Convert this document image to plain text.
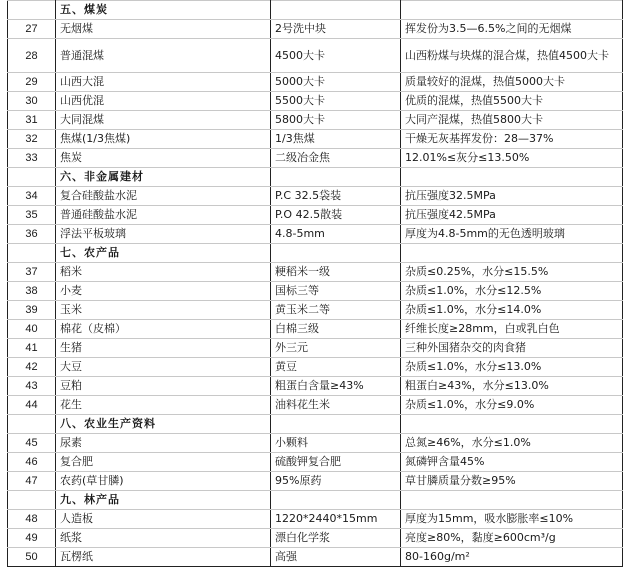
	五、煤炭		
27	无烟煤	2号洗中块	挥发份为3.5—6.5%之间的无烟煤
28	普通混煤	4500大卡	山西粉煤与块煤的混合煤，热值4500大卡
29	山西大混	5000大卡	质量较好的混煤，热值5000大卡
30	山西优混	5500大卡	优质的混煤，热值5500大卡
31	大同混煤	5800大卡	大同产混煤，热值5800大卡
32	焦煤(1/3焦煤)	1/3焦煤	干燥无灰基挥发份：28—37%
33	焦炭	二级冶金焦	12.01%≤灰分≤13.50%
	六、非金属建材		
34	复合硅酸盐水泥	P.C 32.5袋装	抗压强度32.5MPa
35	普通硅酸盐水泥	P.O 42.5散装	抗压强度42.5MPa
36	浮法平板玻璃	4.8-5mm	厚度为4.8-5mm的无色透明玻璃
	七、农产品		
37	稻米	粳稻米一级	杂质≤0.25%，水分≤15.5%
38	小麦	国标三等	杂质≤1.0%，水分≤12.5%
39	玉米	黄玉米二等	杂质≤1.0%，水分≤14.0%
40	棉花（皮棉）	白棉三级	纤维长度≥28mm，白或乳白色
41	生猪	外三元	三种外国猪杂交的肉食猪
42	大豆	黄豆	杂质≤1.0%，水分≤13.0%
43	豆粕	粗蛋白含量≥43%	粗蛋白≥43%，水分≤13.0%
44	花生	油料花生米	杂质≤1.0%，水分≤9.0%
	八、农业生产资料		
45	尿素	小颗料	总氮≥46%，水分≤1.0%
46	复合肥	硫酸钾复合肥	氮磷钾含量45%
47	农药(草甘膦)	95%原药	草甘膦质量分数≥95%
	九、林产品		
48	人造板	1220*2440*15mm	厚度为15mm，吸水膨胀率≤10%
49	纸浆	漂白化学浆	亮度≥80%，黏度≥600cm³/g
50	瓦楞纸	高强	80-160g/m²
